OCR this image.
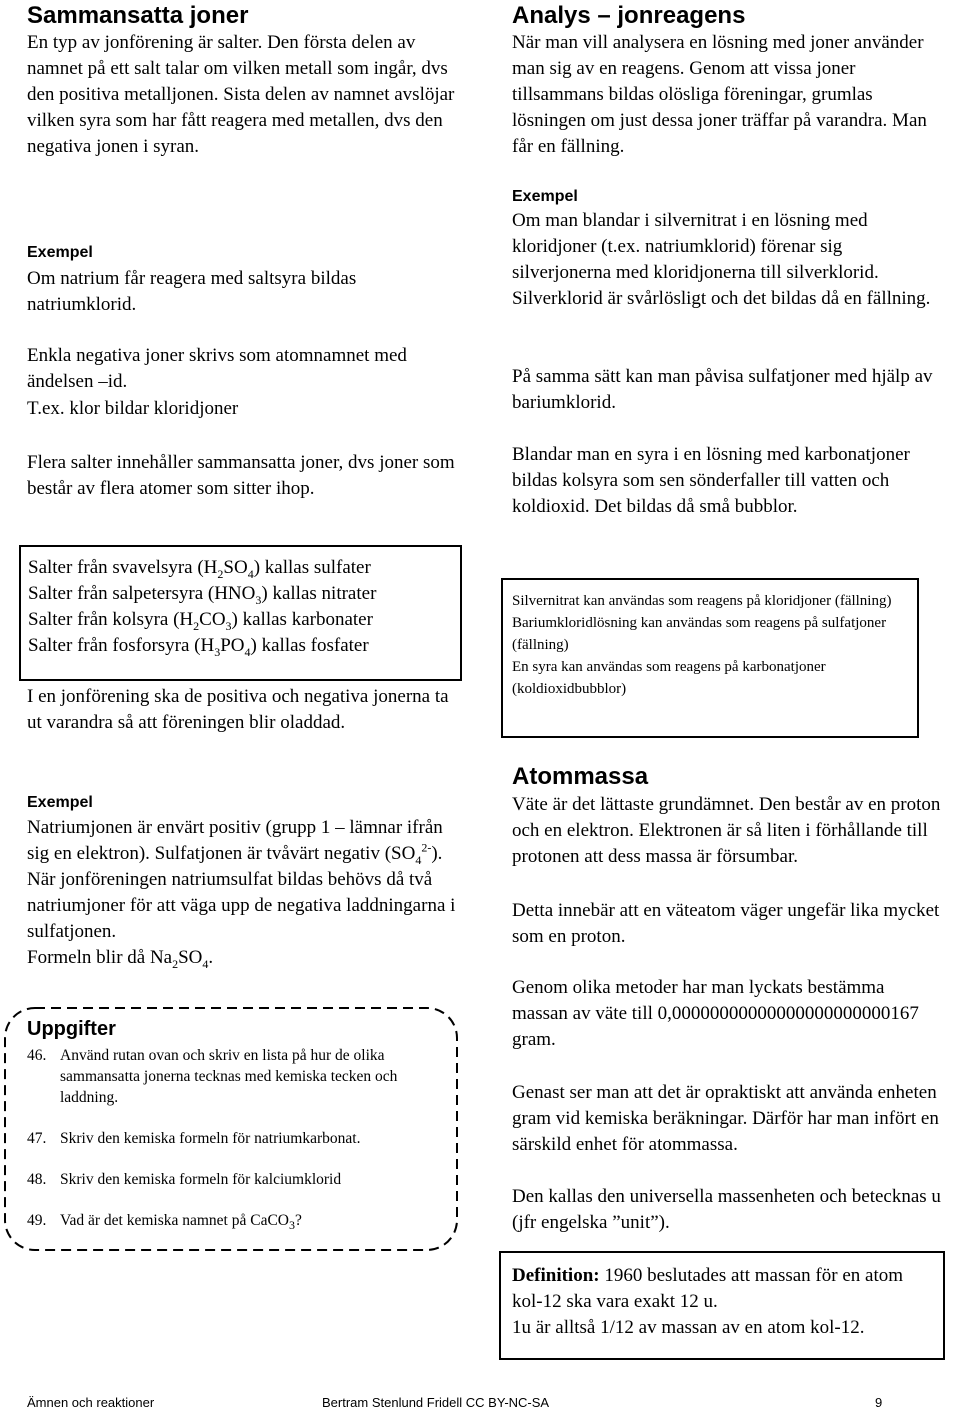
Sammansatta joner

En typ av jonförening är salter. Den första delen av namnet på ett salt talar om vilken metall som ingår, dvs den positiva metalljonen. Sista delen av namnet avslöjar vilken syra som har fått reagera med metallen, dvs den negativa jonen i syran.

Exempel

Om natrium får reagera med saltsyra bildas natriumklorid.

Enkla negativa joner skrivs som atomnamnet med ändelsen –id.

T.ex. klor bildar kloridjoner

Flera salter innehåller sammansatta joner, dvs joner som består av flera atomer som sitter ihop.

Salter från svavelsyra $(H_2SO_4)$ kallas sulfater
Salter från salpetersyra $(HNO_3)$ kallas nitrater
Salter från kolsyra $(H_2CO_3)$ kallas karbonater
Salter från fosforsyra $(H_3PO_4)$ kallas fosfater

I en jonförening ska de positiva och negativa jonerna ta ut varandra så att föreningen blir oladdad.

Exempel

Natriumjonen är envärt positiv (grupp 1 – lämnar ifrån sig en elektron). Sulfatjonen är tvåvärt negativ $(SO_4^{2-})$.

När jonföreningen natriumsulfat bildas behövs då två natriumjoner för att väga upp de negativa laddningarna i sulfatjonen.

Formeln blir då $Na_2SO_4$.

Uppgifter
46. Använd rutan ovan och skriv en lista på hur de olika sammansatta jonerna tecknas med kemiska tecken och laddning.
47. Skriv den kemiska formeln för natriumkarbonat.
48. Skriv den kemiska formeln för kalciumklorid
49. Vad är det kemiska namnet på CaCO$_3$?
Analys – jonreagens

När man vill analysera en lösning med joner använder man sig av en reagens. Genom att vissa joner tillsammans bildas olösliga föreningar, grumlas lösningen om just dessa joner träffar på varandra. Man får en fällning.

Exempel

Om man blandar i silvernitrat i en lösning med kloridjoner (t.ex. natriumklorid) förenar sig silverjonerna med kloridjonerna till silverklorid. Silverklorid är svårlösligt och det bildas då en fällning.

På samma sätt kan man påvisa sulfatjoner med hjälp av bariumklorid.

Blandar man en syra i en lösning med karbonatjoner bildas kolsyra som sen sönderfaller till vatten och koldioxid. Det bildas då små bubblor.

Silvernitrat kan användas som reagens på kloridjoner (fällning)

Bariumkloridlösning kan användas som reagens på sulfatjoner (fällning)

En syra kan användas som reagens på karbonatjoner (koldioxidbubblor)

Atommassa

Väte är det lättaste grundämnet. Den består av en proton och en elektron. Elektronen är så liten i förhållande till protonen att dess massa är försumbar.

Detta innebär att en väteatom väger ungefär lika mycket som en proton.

Genom olika metoder har man lyckats bestämma massan av väte till 0,00000000000000000000000167 gram.

Genast ser man att det är opraktiskt att använda enheten gram vid kemiska beräkningar. Därför har man infört en särskild enhet för atommassa.

Den kallas den universella massenheten och betecknas u (jfr engelska ”unit”).

Definition: 1960 beslutades att massan för en atom kol-12 ska vara exakt 12 u.

1u är alltså 1/12 av massan av en atom kol-12.

Ämnen och reaktioner	Bertram Stenlund Fridell CC BY-NC-SA	9
